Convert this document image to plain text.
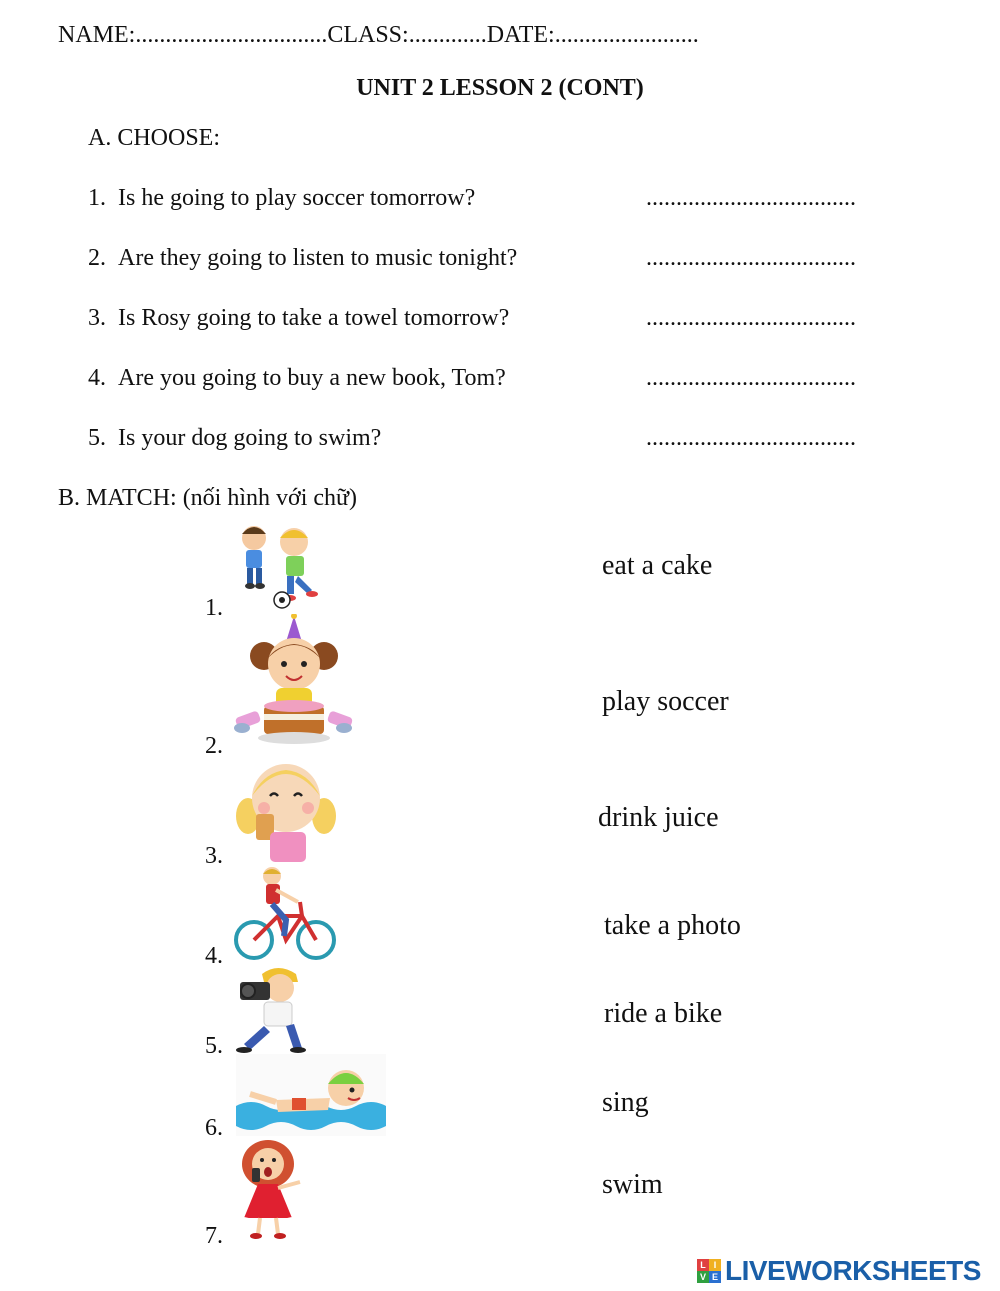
NAME:................................CLASS:.............DATE:........................
UNIT 2 LESSON 2 (CONT)
A. CHOOSE:
1. Is he going to play soccer tomorrow?	...................................
2. Are they going to listen to music tonight?	...................................
3. Is Rosy going to take a towel tomorrow?	...................................
4. Are you going to buy a new book, Tom?	...................................
5. Is your dog going to swim?	...................................
B. MATCH: (nối hình với chữ)
1.
2.
3.
4.
5.
6.
7.
eat a cake
play soccer
drink juice
take a photo
ride a bike
sing
swim
L I
V E LIVEWORKSHEETS
